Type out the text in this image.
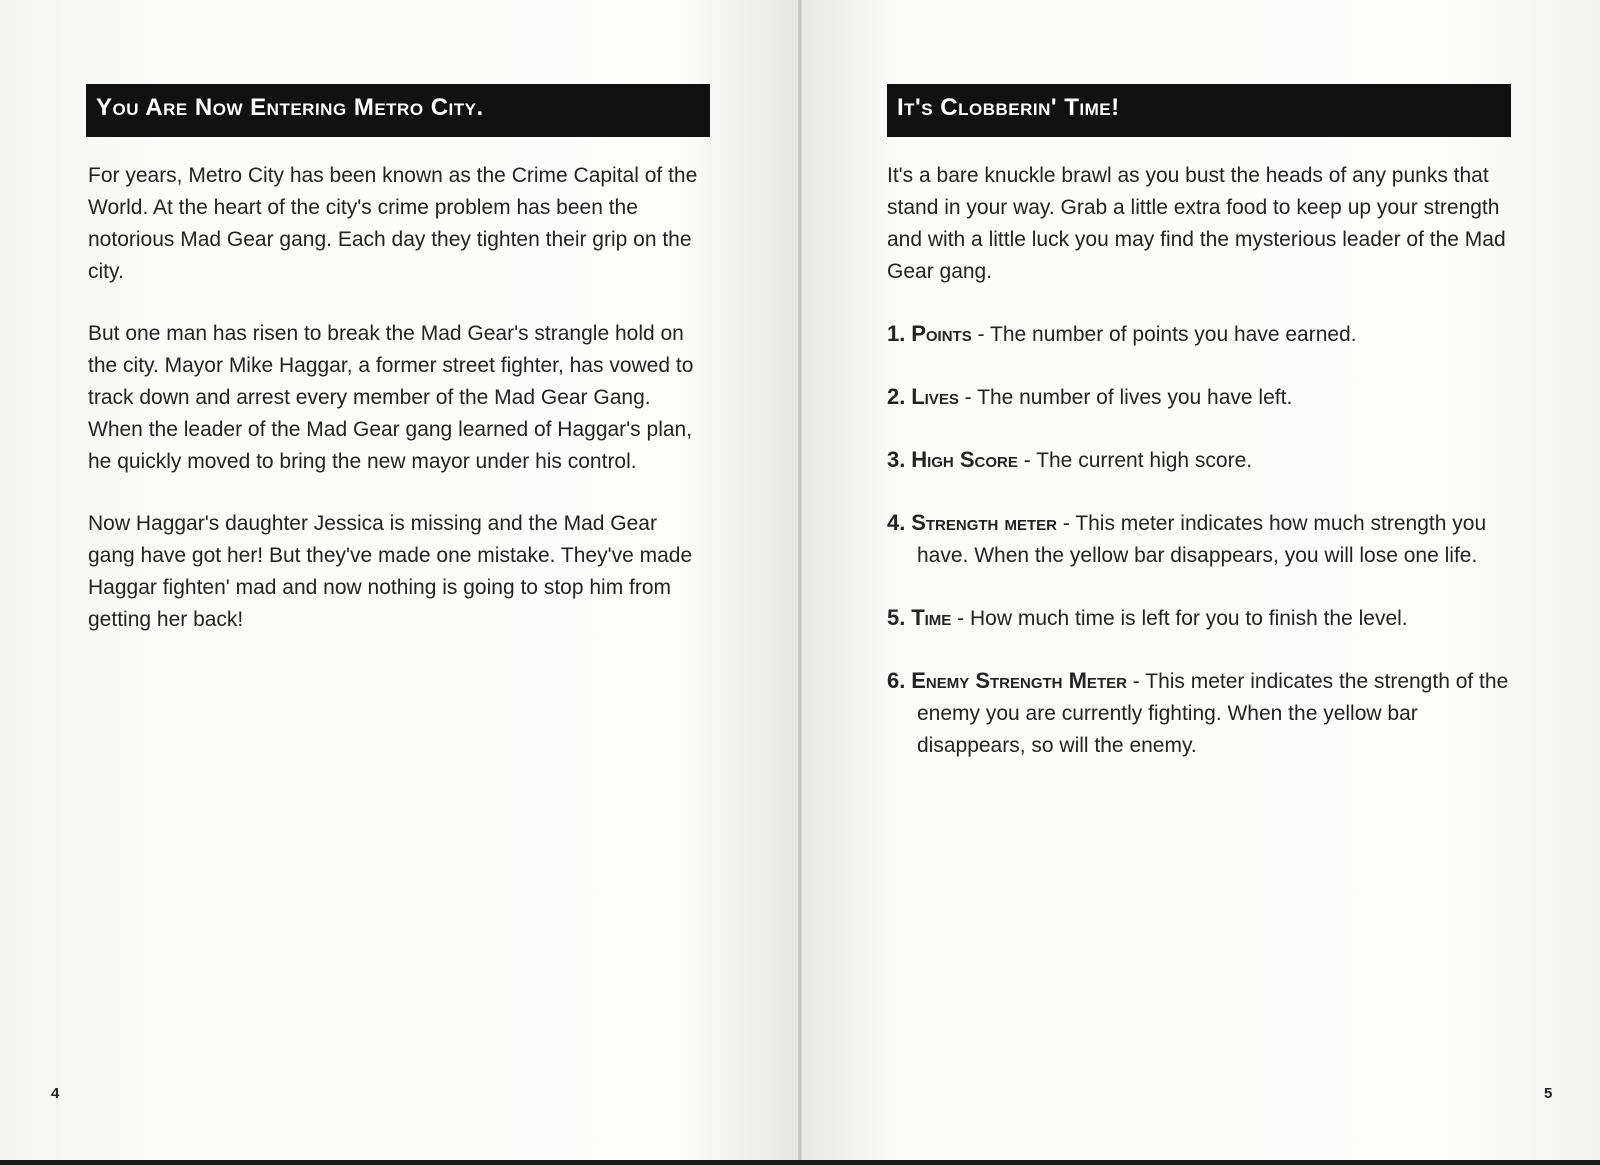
You Are Now Entering Metro City.

For years, Metro City has been known as the Crime Capital of the World. At the heart of the city's crime problem has been the notorious Mad Gear gang. Each day they tighten their grip on the city.

But one man has risen to break the Mad Gear's strangle hold on the city. Mayor Mike Haggar, a former street fighter, has vowed to track down and arrest every member of the Mad Gear Gang. When the leader of the Mad Gear gang learned of Haggar's plan, he quickly moved to bring the new mayor under his control.

Now Haggar's daughter Jessica is missing and the Mad Gear gang have got her! But they've made one mistake. They've made Haggar fighten' mad and now nothing is going to stop him from getting her back!

4
It's Clobberin' Time!

It's a bare knuckle brawl as you bust the heads of any punks that stand in your way. Grab a little extra food to keep up your strength and with a little luck you may find the mysterious leader of the Mad Gear gang.

1. Points - The number of points you have earned.

2. Lives - The number of lives you have left.

3. High Score - The current high score.

4. Strength meter - This meter indicates how much strength you have. When the yellow bar disappears, you will lose one life.

5. Time - How much time is left for you to finish the level.

6. Enemy Strength Meter - This meter indicates the strength of the enemy you are currently fighting. When the yellow bar disappears, so will the enemy.

5
